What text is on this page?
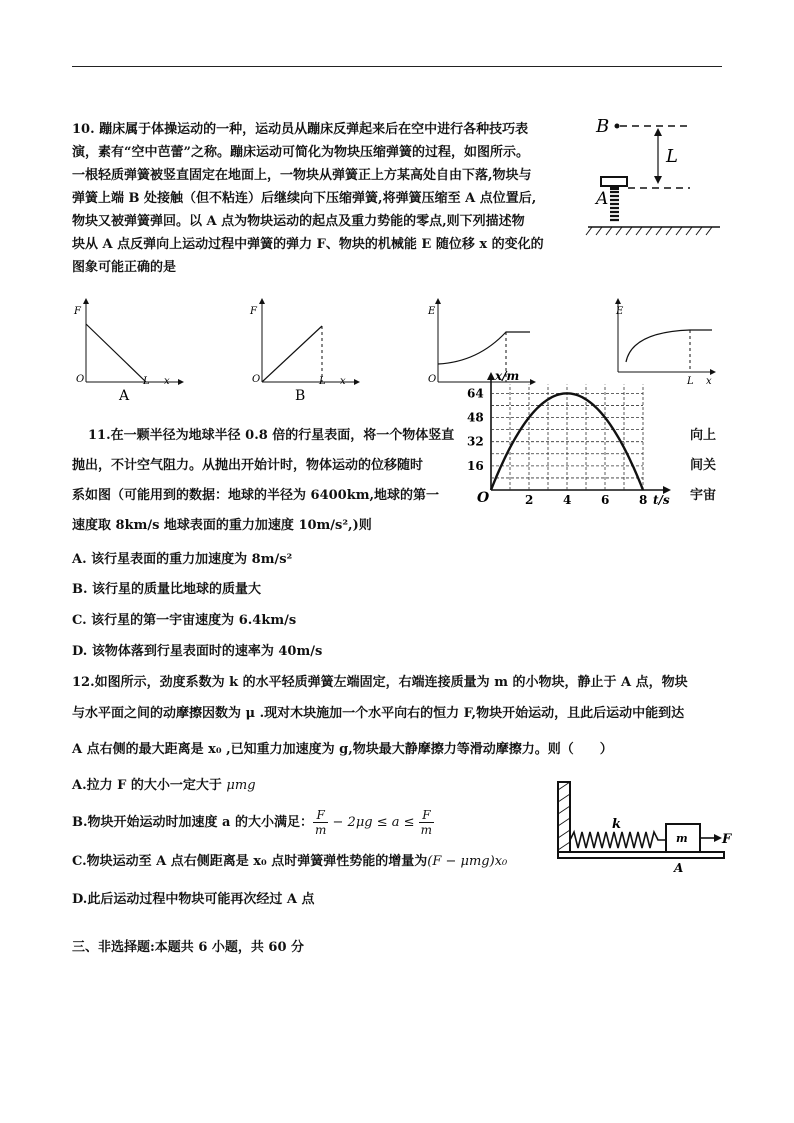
10. 蹦床属于体操运动的一种，运动员从蹦床反弹起来后在空中进行各种技巧表
演，素有“空中芭蕾”之称。蹦床运动可简化为物块压缩弹簧的过程，如图所示。
一根轻质弹簧被竖直固定在地面上，一物块从弹簧正上方某高处自由下落,物块与
弹簧上端 B 处接触（但不粘连）后继续向下压缩弹簧,将弹簧压缩至 A 点位置后,
物块又被弹簧弹回。以 A 点为物块运动的起点及重力势能的零点,则下列描述物
块从 A 点反弹向上运动过程中弹簧的弹力 F、物块的机械能 E 随位移 x 的变化的
图象可能正确的是
B
L
A
F
O	L x
A
F
O	L x
B
E
O
E
L x
2 4 6 8
16
32
48
64
x/m
t/s
O
11.在一颗半径为地球半径 0.8 倍的行星表面，将一个物体竖直
抛出，不计空气阻力。从抛出开始计时，物体运动的位移随时
系如图（可能用到的数据：地球的半径为 6400km,地球的第一
速度取 8km/s 地球表面的重力加速度 10m/s²,)则
向上
间关
宇宙
A. 该行星表面的重力加速度为 8m/s²
B. 该行星的质量比地球的质量大
C. 该行星的第一宇宙速度为 6.4km/s
D. 该物体落到行星表面时的速率为 40m/s
12.如图所示，劲度系数为 k 的水平轻质弹簧左端固定，右端连接质量为 m 的小物块，静止于 A 点，物块
与水平面之间的动摩擦因数为 μ .现对木块施加一个水平向右的恒力 F,物块开始运动，且此后运动中能到达
A 点右侧的最大距离是 x₀ ,已知重力加速度为 g,物块最大静摩擦力等滑动摩擦力。则（　　）
A.拉力 F 的大小一定大于 μmg
B.物块开始运动时加速度 a 的大小满足： $\frac{F}{m} - 2\mu g \le a \le \frac{F}{m}$
C.物块运动至 A 点右侧距离是 x₀ 点时弹簧弹性势能的增量为(F − μmg)x₀
D.此后运动过程中物块可能再次经过 A 点
k
m	F
A
三、非选择题:本题共 6 小题，共 60 分
